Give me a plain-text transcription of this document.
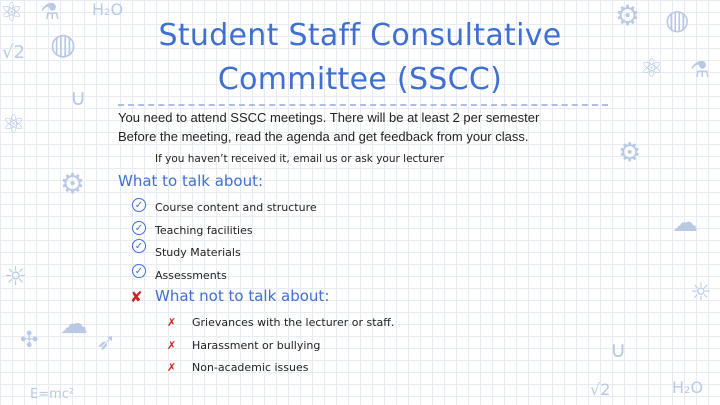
⚛ ⚗ H₂O
√2 ◍
⚛
∪
⚙
☼
☁
✣ ➶
E=mc²
⚙ ◍
⚛ ⚗
⚙
☁
☼
∪
√2	H₂O
Student Staff Consultative
Committee (SSCC)
You need to attend SSCC meetings. There will be at least 2 per semester
Before the meeting, read the agenda and get feedback from your class.
If you haven’t received it, email us or ask your lecturer
What to talk about:
✓ Course content and structure
✓ Teaching facilities
✓ Study Materials
✓ Assessments
✘ What not to talk about:
✗ Grievances with the lecturer or staff.
✗ Harassment or bullying
✗ Non-academic issues
